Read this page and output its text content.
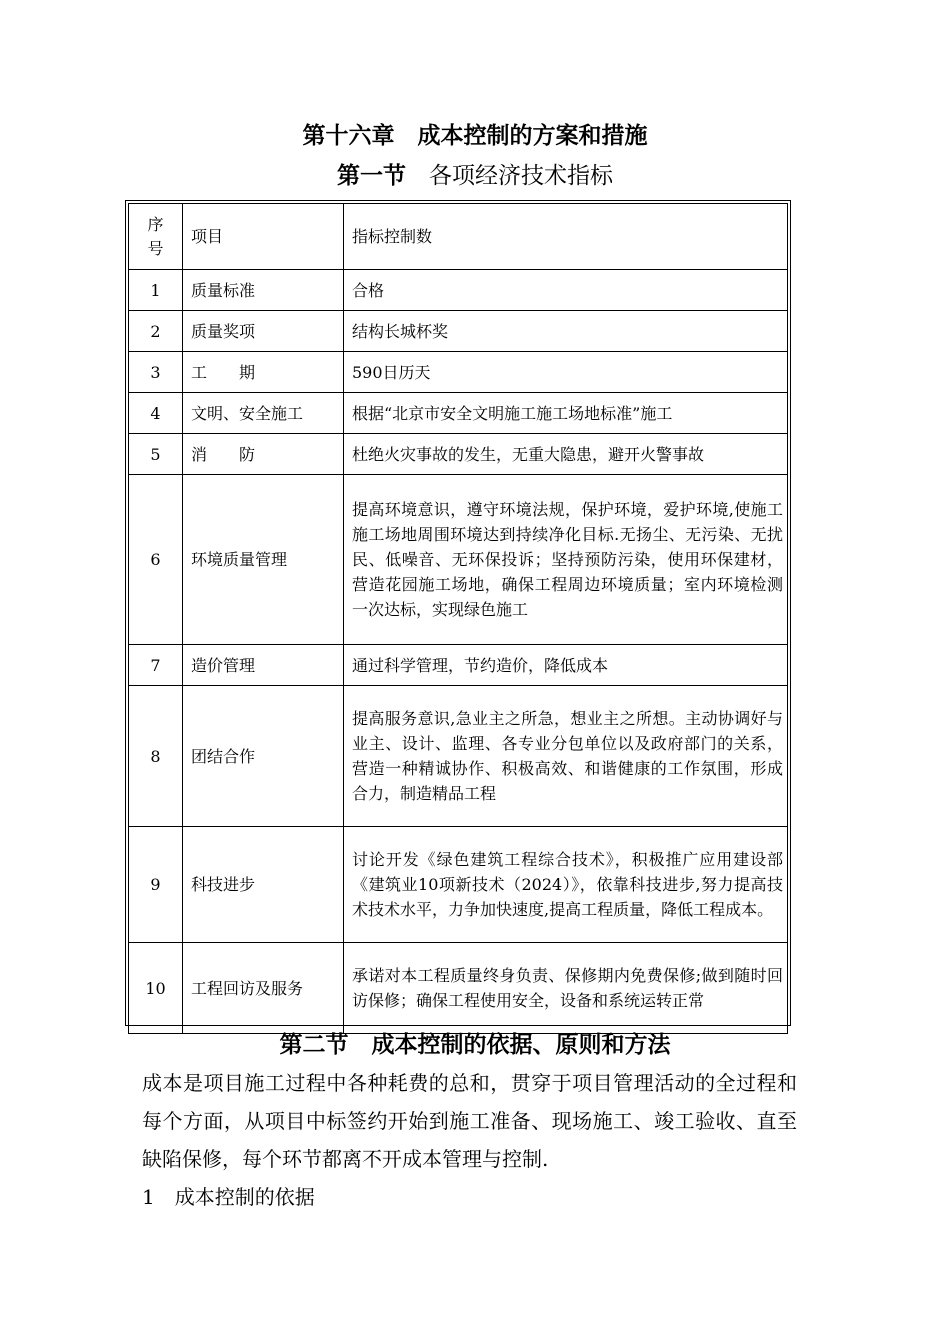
第十六章　成本控制的方案和措施
第一节　 各项经济技术指标
序号	项目	指标控制数
1	质量标准	合格
2	质量奖项	结构长城杯奖
3	工　　期	590日历天
4	文明、安全施工	根据“北京市安全文明施工施工场地标准”施工
5	消　　防	杜绝火灾事故的发生，无重大隐患，避开火警事故
6	环境质量管理	提高环境意识，遵守环境法规，保护环境，爱护环境,使施工施工场地周围环境达到持续净化目标.无扬尘、无污染、无扰民、低噪音、无环保投诉；坚持预防污染，使用环保建材，营造花园施工场地，确保工程周边环境质量；室内环境检测一次达标，实现绿色施工
7	造价管理	通过科学管理，节约造价，降低成本
8	团结合作	提高服务意识,急业主之所急，想业主之所想。主动协调好与业主、设计、监理、各专业分包单位以及政府部门的关系，营造一种精诚协作、积极高效、和谐健康的工作氛围，形成合力，制造精品工程
9	科技进步	讨论开发《绿色建筑工程综合技术》，积极推广应用建设部《建筑业10项新技术（2024）》，依靠科技进步,努力提高技术技术水平，力争加快速度,提高工程质量，降低工程成本。
10	工程回访及服务	承诺对本工程质量终身负责、保修期内免费保修;做到随时回访保修；确保工程使用安全，设备和系统运转正常
第二节　成本控制的依据、原则和方法
成本是项目施工过程中各种耗费的总和，贯穿于项目管理活动的全过程和每个方面，从项目中标签约开始到施工准备、现场施工、竣工验收、直至缺陷保修，每个环节都离不开成本管理与控制.
1　成本控制的依据
